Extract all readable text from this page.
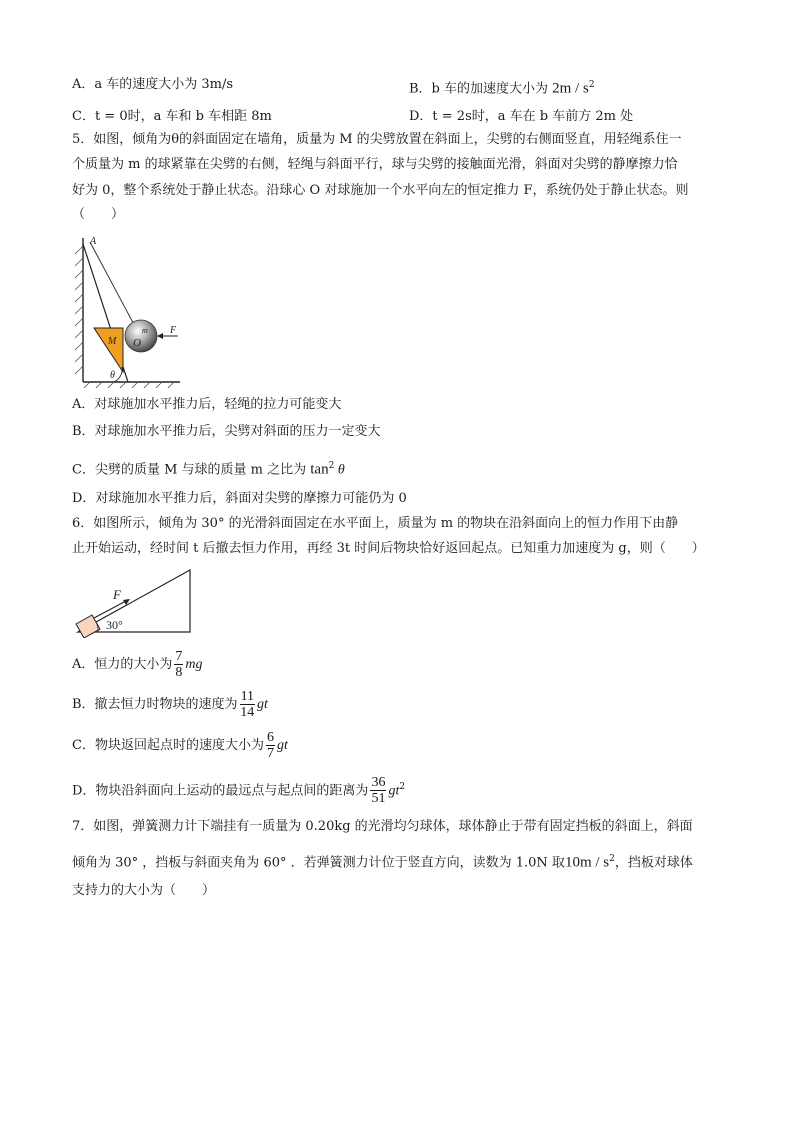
A．a 车的速度大小为 3m/s	B．b 车的加速度大小为 $2m / s^2$
C．t = 0时，a 车和 b 车相距 8m	D．t = 2s时，a 车在 b 车前方 2m 处
5．如图，倾角为θ的斜面固定在墙角，质量为 M 的尖劈放置在斜面上，尖劈的右侧面竖直，用轻绳系住一
个质量为 m 的球紧靠在尖劈的右侧，轻绳与斜面平行，球与尖劈的接触面光滑，斜面对尖劈的静摩擦力恰
好为 0，整个系统处于静止状态。沿球心 O 对球施加一个水平向左的恒定推力 F，系统仍处于静止状态。则
（　　）
A
M
m
O
F
θ
A．对球施加水平推力后，轻绳的拉力可能变大
B．对球施加水平推力后，尖劈对斜面的压力一定变大
C．尖劈的质量 M 与球的质量 m 之比为 $\tan^2 \theta$
D．对球施加水平推力后，斜面对尖劈的摩擦力可能仍为 0
6．如图所示，倾角为 30° 的光滑斜面固定在水平面上，质量为 m 的物块在沿斜面向上的恒力作用下由静
止开始运动，经时间 t 后撤去恒力作用，再经 3t 时间后物块恰好返回起点。已知重力加速度为 g，则（　　）
F
30°
A．恒力的大小为 $\frac{7}{8}$ mg
B．撤去恒力时物块的速度为 $\frac{11}{14}$ gt
C．物块返回起点时的速度大小为 $\frac{6}{7}$ gt
D．物块沿斜面向上运动的最远点与起点间的距离为 $\frac{36}{51} gt^2$
7．如图，弹簧测力计下端挂有一质量为 0.20kg 的光滑均匀球体，球体静止于带有固定挡板的斜面上，斜面
倾角为 30° ，挡板与斜面夹角为 60° ．若弹簧测力计位于竖直方向，读数为 1.0N 取$10m / s^2$，挡板对球体
支持力的大小为（　　）
